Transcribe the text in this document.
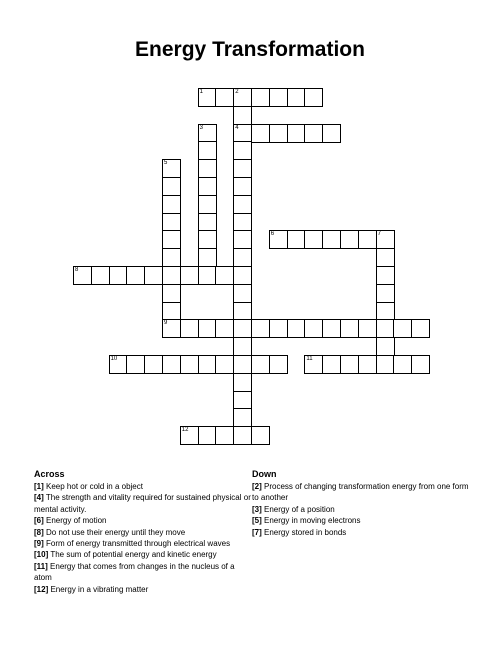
Energy Transformation
1	2
4
3
5
6	7
8
9
10	11
12
Across
[1] Keep hot or cold in a object
[4] The strength and vitality required for sustained physical or mental activity.
[6] Energy of motion
[8] Do not use their energy until they move
[9] Form of energy transmitted through electrical waves
[10] The sum of potential energy and kinetic energy
[11] Energy that comes from changes in the nucleus of a atom
[12] Energy in a vibrating matter
Down
[2] Process of changing transformation energy from one form to another
[3] Energy of a position
[5] Energy in moving electrons
[7] Energy stored in bonds
